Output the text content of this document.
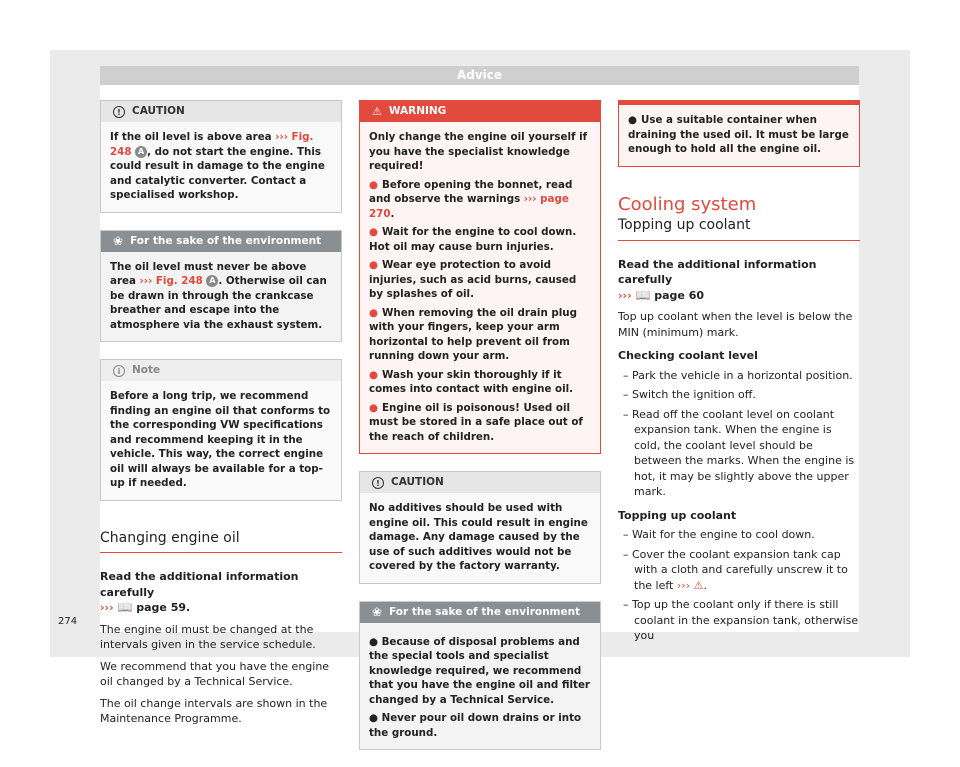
Advice
274
!	CAUTION
If the oil level is above area ››› Fig. 248 A , do not start the engine. This could result in damage to the engine and catalytic converter. Contact a specialised workshop.
❀ For the sake of the environment
The oil level must never be above area ››› Fig. 248 A . Otherwise oil can be drawn in through the crankcase breather and escape into the atmosphere via the exhaust system.
i	Note
Before a long trip, we recommend finding an engine oil that conforms to the corresponding VW specifications and recommend keeping it in the vehicle. This way, the correct engine oil will always be available for a top-up if needed.
Changing engine oil
Read the additional information carefully
››› 📖 page 59.

The engine oil must be changed at the intervals given in the service schedule.

We recommend that you have the engine oil changed by a Technical Service.

The oil change intervals are shown in the Maintenance Programme.

⚠ WARNING
Only change the engine oil yourself if you have the specialist knowledge required!
● Before opening the bonnet, read and observe the warnings ››› page 270.
● Wait for the engine to cool down. Hot oil may cause burn injuries.
● Wear eye protection to avoid injuries, such as acid burns, caused by splashes of oil.
● When removing the oil drain plug with your fingers, keep your arm horizontal to help prevent oil from running down your arm.
● Wash your skin thoroughly if it comes into contact with engine oil.
● Engine oil is poisonous! Used oil must be stored in a safe place out of the reach of children.
!	CAUTION
No additives should be used with engine oil. This could result in engine damage. Any damage caused by the use of such additives would not be covered by the factory warranty.
❀ For the sake of the environment
● Because of disposal problems and the special tools and specialist knowledge required, we recommend that you have the engine oil and filter changed by a Technical Service.
● Never pour oil down drains or into the ground.
● Use a suitable container when draining the used oil. It must be large enough to hold all the engine oil.
Cooling system
Topping up coolant
Read the additional information carefully
››› 📖 page 60

Top up coolant when the level is below the MIN (minimum) mark.

Checking coolant level
– Park the vehicle in a horizontal position.
– Switch the ignition off.
– Read off the coolant level on coolant expansion tank. When the engine is cold, the coolant level should be between the marks. When the engine is hot, it may be slightly above the upper mark.
Topping up coolant
– Wait for the engine to cool down.
– Cover the coolant expansion tank cap with a cloth and carefully unscrew it to the left ››› ⚠.
– Top up the coolant only if there is still coolant in the expansion tank, otherwise you
